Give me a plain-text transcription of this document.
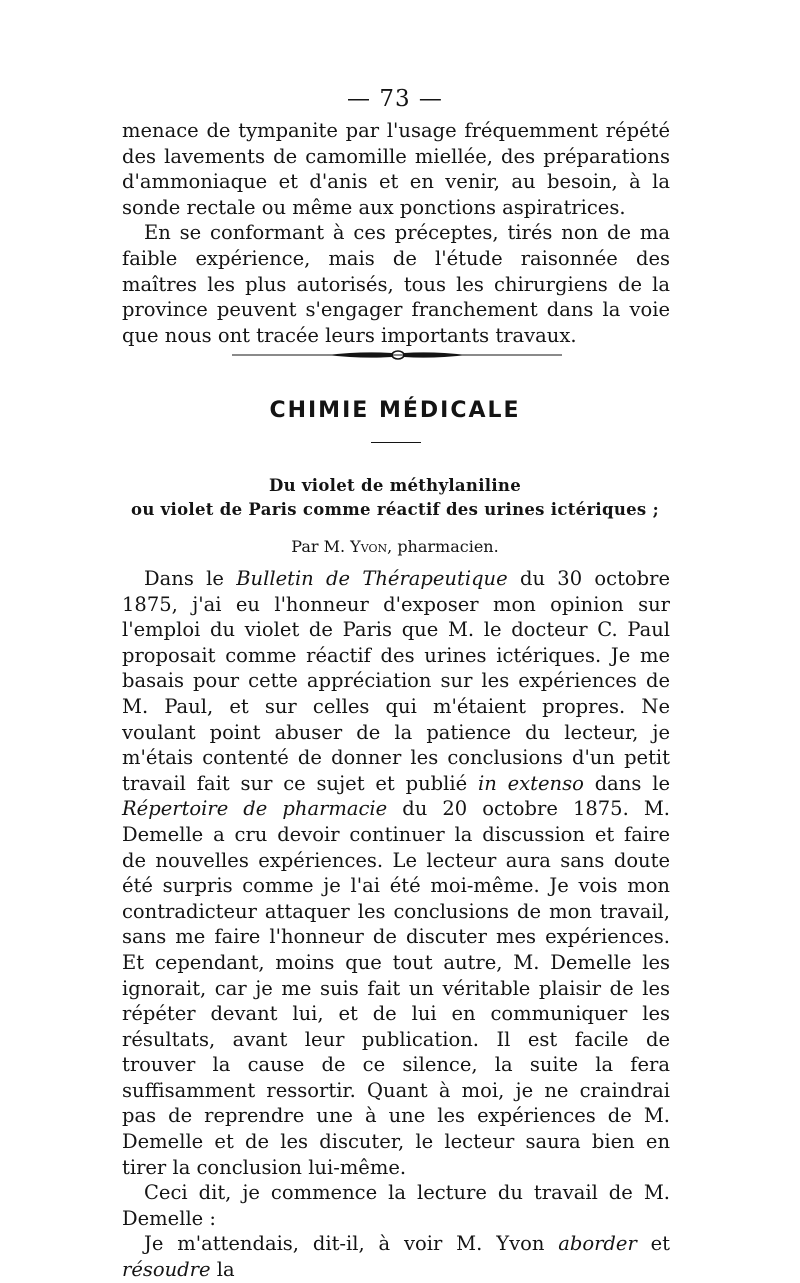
— 73 —

menace de tympanite par l'usage fréquemment répété des lavements de camomille miellée, des préparations d'ammoniaque et d'anis et en venir, au besoin, à la sonde rectale ou même aux ponctions aspiratrices.

En se conformant à ces préceptes, tirés non de ma faible expérience, mais de l'étude raisonnée des maîtres les plus autorisés, tous les chirurgiens de la province peuvent s'engager franchement dans la voie que nous ont tracée leurs importants travaux.

CHIMIE MÉDICALE
Du violet de méthylaniline
ou violet de Paris comme réactif des urines ictériques ;
Par M. Yvon, pharmacien.

Dans le Bulletin de Thérapeutique du 30 octobre 1875, j'ai eu l'honneur d'exposer mon opinion sur l'emploi du violet de Paris que M. le docteur C. Paul proposait comme réactif des urines ictériques. Je me basais pour cette appréciation sur les expériences de M. Paul, et sur celles qui m'étaient propres. Ne voulant point abuser de la patience du lecteur, je m'étais contenté de donner les conclusions d'un petit travail fait sur ce sujet et publié in extenso dans le Répertoire de pharmacie du 20 octobre 1875. M. Demelle a cru devoir continuer la discussion et faire de nouvelles expériences. Le lecteur aura sans doute été surpris comme je l'ai été moi-même. Je vois mon contradicteur attaquer les conclusions de mon travail, sans me faire l'honneur de discuter mes expériences. Et cependant, moins que tout autre, M. Demelle les ignorait, car je me suis fait un véritable plaisir de les répéter devant lui, et de lui en communiquer les résultats, avant leur publication. Il est facile de trouver la cause de ce silence, la suite la fera suffisamment ressortir. Quant à moi, je ne craindrai pas de reprendre une à une les expériences de M. Demelle et de les discuter, le lecteur saura bien en tirer la conclusion lui-même.

Ceci dit, je commence la lecture du travail de M. Demelle :

Je m'attendais, dit-il, à voir M. Yvon aborder et résoudre la
